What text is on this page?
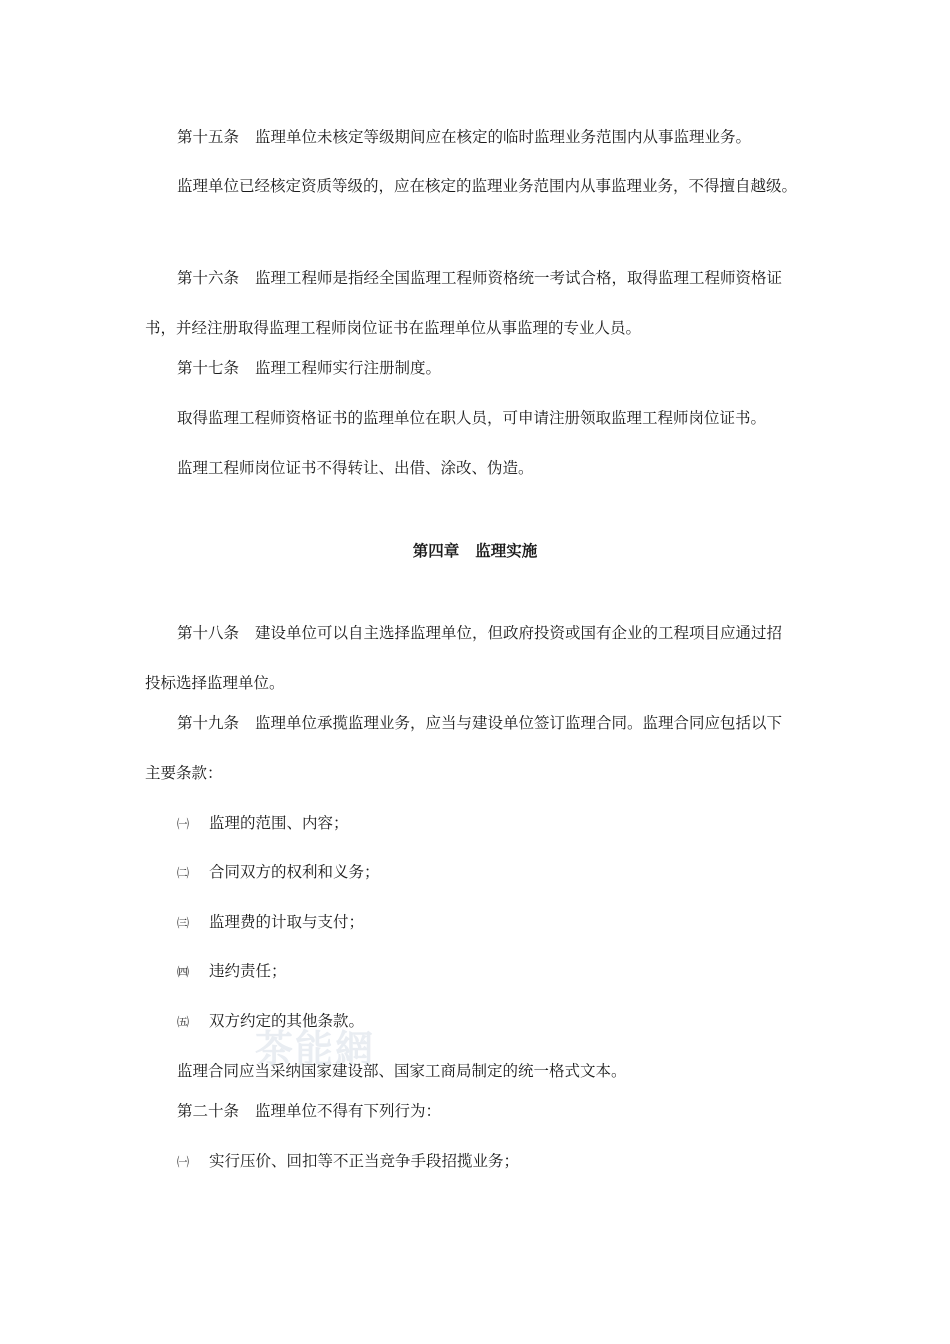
茶能網
第十五条 监理单位未核定等级期间应在核定的临时监理业务范围内从事监理业务。
监理单位已经核定资质等级的，应在核定的监理业务范围内从事监理业务，不得擅自越级。
第十六条 监理工程师是指经全国监理工程师资格统一考试合格，取得监理工程师资格证
书，并经注册取得监理工程师岗位证书在监理单位从事监理的专业人员。
第十七条 监理工程师实行注册制度。
取得监理工程师资格证书的监理单位在职人员，可申请注册领取监理工程师岗位证书。
监理工程师岗位证书不得转让、出借、涂改、伪造。
第四章 监理实施
第十八条 建设单位可以自主选择监理单位，但政府投资或国有企业的工程项目应通过招
投标选择监理单位。
第十九条 监理单位承揽监理业务，应当与建设单位签订监理合同。监理合同应包括以下
主要条款：
㈠ 监理的范围、内容；
㈡ 合同双方的权利和义务；
㈢ 监理费的计取与支付；
㈣ 违约责任；
㈤ 双方约定的其他条款。
监理合同应当采纳国家建设部、国家工商局制定的统一格式文本。
第二十条 监理单位不得有下列行为：
㈠ 实行压价、回扣等不正当竞争手段招揽业务；
